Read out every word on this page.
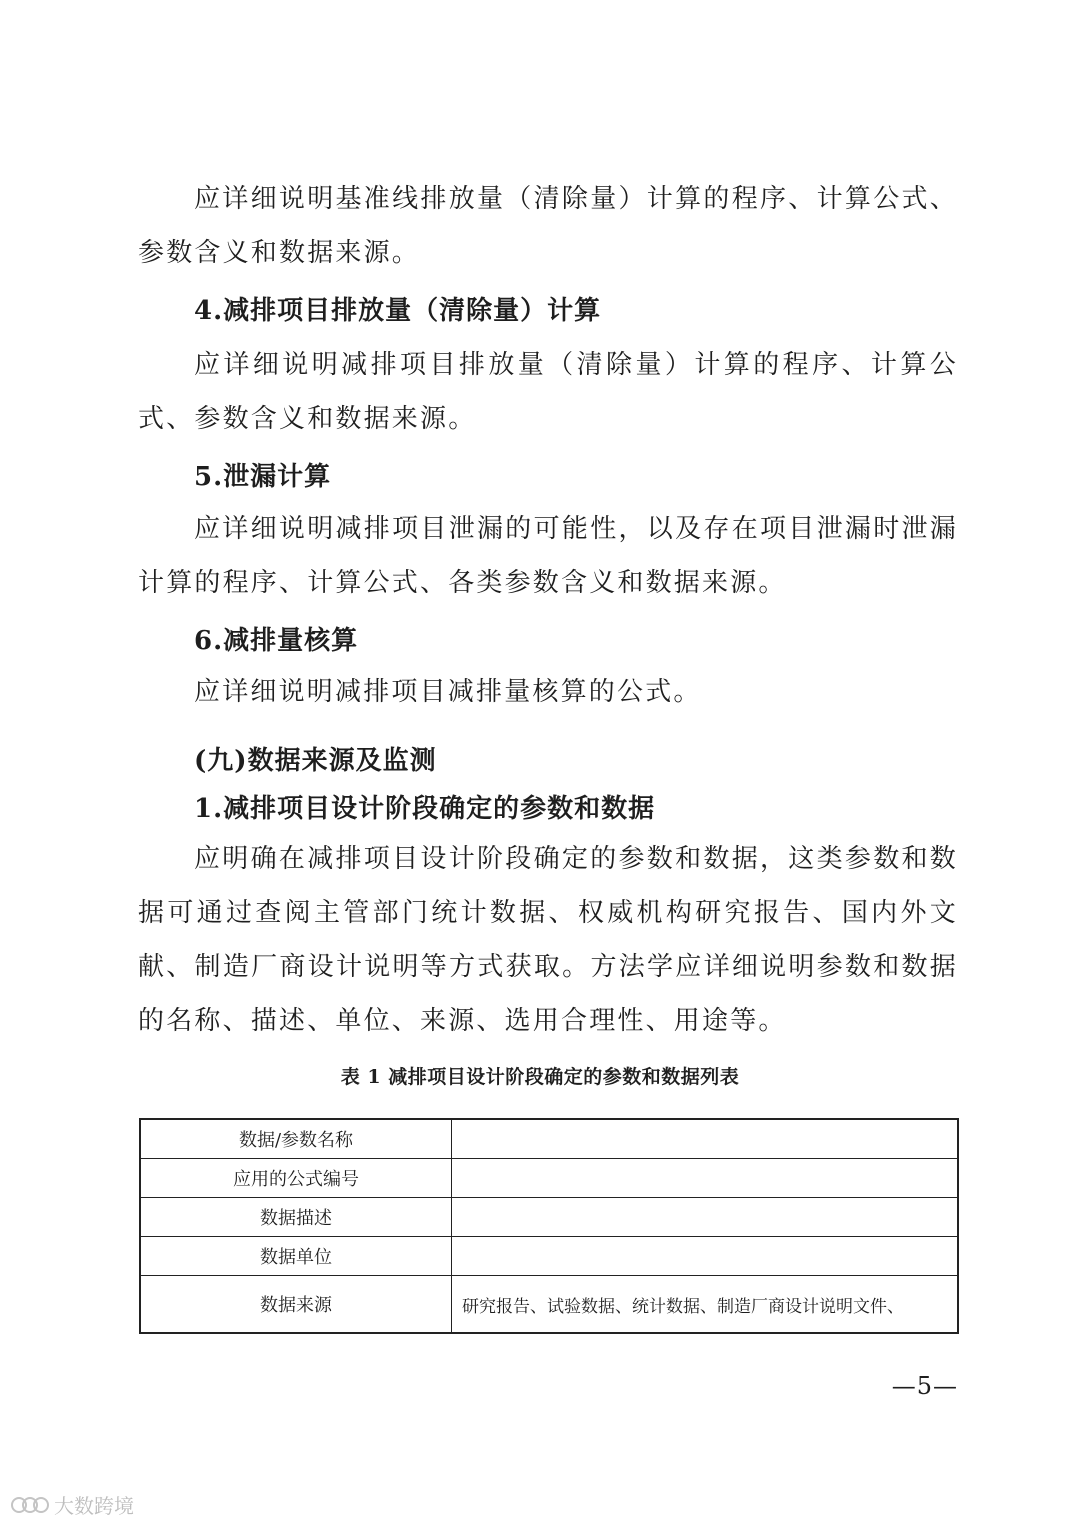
应详细说明基准线排放量（清除量）计算的程序、计算公式、参数含义和数据来源。

4.减排项目排放量（清除量）计算

应详细说明减排项目排放量（清除量）计算的程序、计算公式、参数含义和数据来源。

5.泄漏计算

应详细说明减排项目泄漏的可能性，以及存在项目泄漏时泄漏计算的程序、计算公式、各类参数含义和数据来源。

6.减排量核算

应详细说明减排项目减排量核算的公式。

(九)数据来源及监测

1.减排项目设计阶段确定的参数和数据

应明确在减排项目设计阶段确定的参数和数据，这类参数和数据可通过查阅主管部门统计数据、权威机构研究报告、国内外文献、制造厂商设计说明等方式获取。方法学应详细说明参数和数据的名称、描述、单位、来源、选用合理性、用途等。

表 1 减排项目设计阶段确定的参数和数据列表
数据/参数名称	
应用的公式编号	
数据描述	
数据单位	
数据来源	研究报告、试验数据、统计数据、制造厂商设计说明文件、
—5—
大数跨境
